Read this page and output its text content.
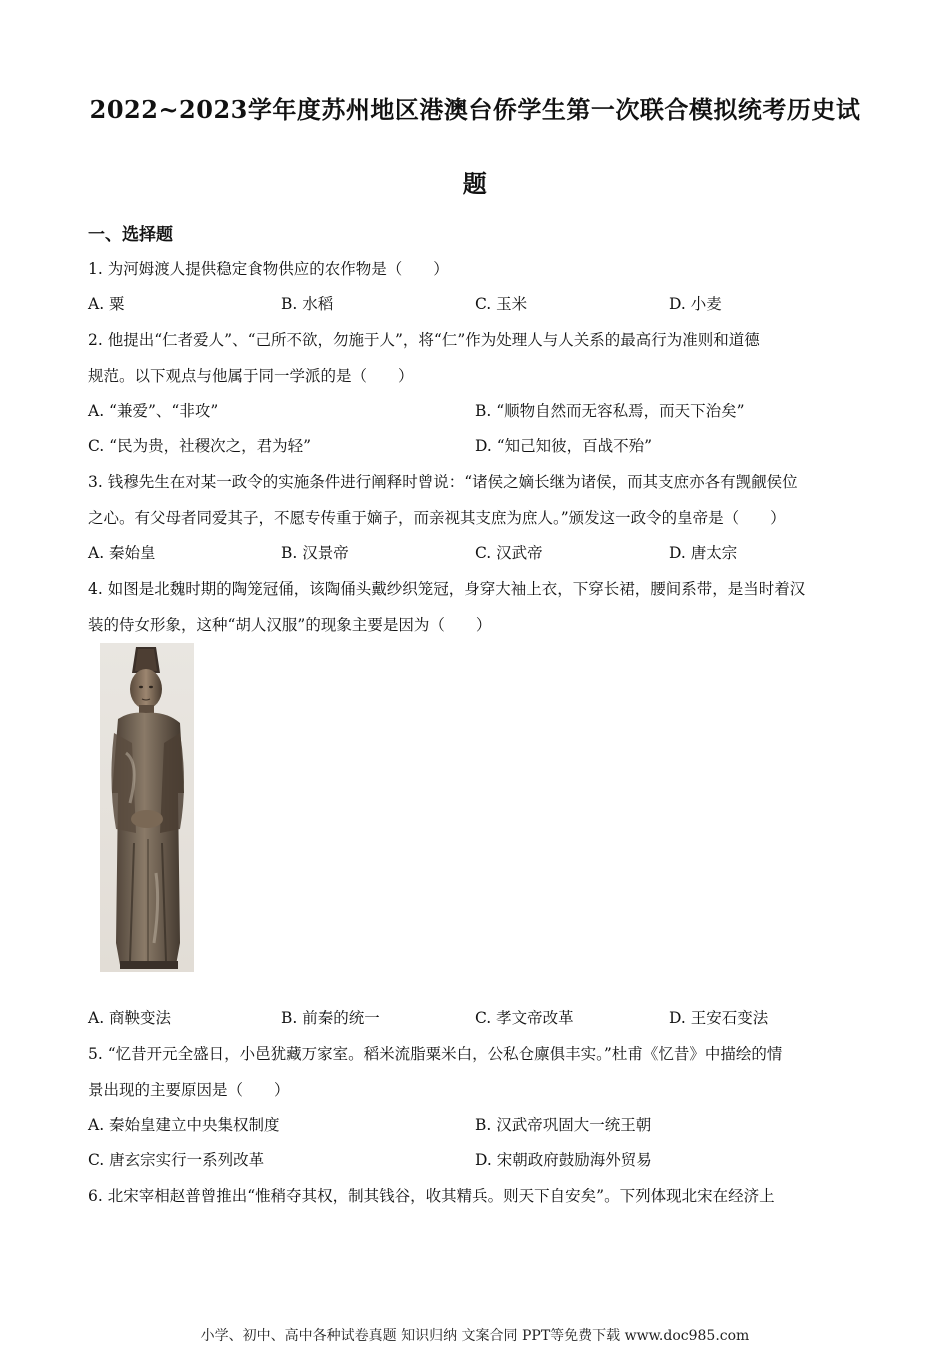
2022~2023学年度苏州地区港澳台侨学生第一次联合模拟统考历史试
题
一、选择题
1. 为河姆渡人提供稳定食物供应的农作物是（　　）
A. 粟	B. 水稻	C. 玉米	D. 小麦
2. 他提出“仁者爱人”、“己所不欲，勿施于人”，将“仁”作为处理人与人关系的最高行为准则和道德
规范。以下观点与他属于同一学派的是（　　）
A. “兼爱”、“非攻”	B. “顺物自然而无容私焉，而天下治矣”
C. “民为贵，社稷次之，君为轻”	D. “知己知彼，百战不殆”
3. 钱穆先生在对某一政令的实施条件进行阐释时曾说：“诸侯之嫡长继为诸侯，而其支庶亦各有觊觎侯位
之心。有父母者同爱其子，不愿专传重于嫡子，而亲视其支庶为庶人。”颁发这一政令的皇帝是（　　）
A. 秦始皇	B. 汉景帝	C. 汉武帝	D. 唐太宗
4. 如图是北魏时期的陶笼冠俑，该陶俑头戴纱织笼冠，身穿大袖上衣，下穿长裙，腰间系带，是当时着汉
装的侍女形象，这种“胡人汉服”的现象主要是因为（　　）
A. 商鞅变法	B. 前秦的统一	C. 孝文帝改革	D. 王安石变法
5. “忆昔开元全盛日，小邑犹藏万家室。稻米流脂粟米白，公私仓廪俱丰实。”杜甫《忆昔》中描绘的情
景出现的主要原因是（　　）
A. 秦始皇建立中央集权制度	B. 汉武帝巩固大一统王朝
C. 唐玄宗实行一系列改革	D. 宋朝政府鼓励海外贸易
6. 北宋宰相赵普曾推出“惟稍夺其权，制其钱谷，收其精兵。则天下自安矣”。下列体现北宋在经济上
小学、初中、高中各种试卷真题 知识归纳 文案合同 PPT等免费下载 www.doc985.com
